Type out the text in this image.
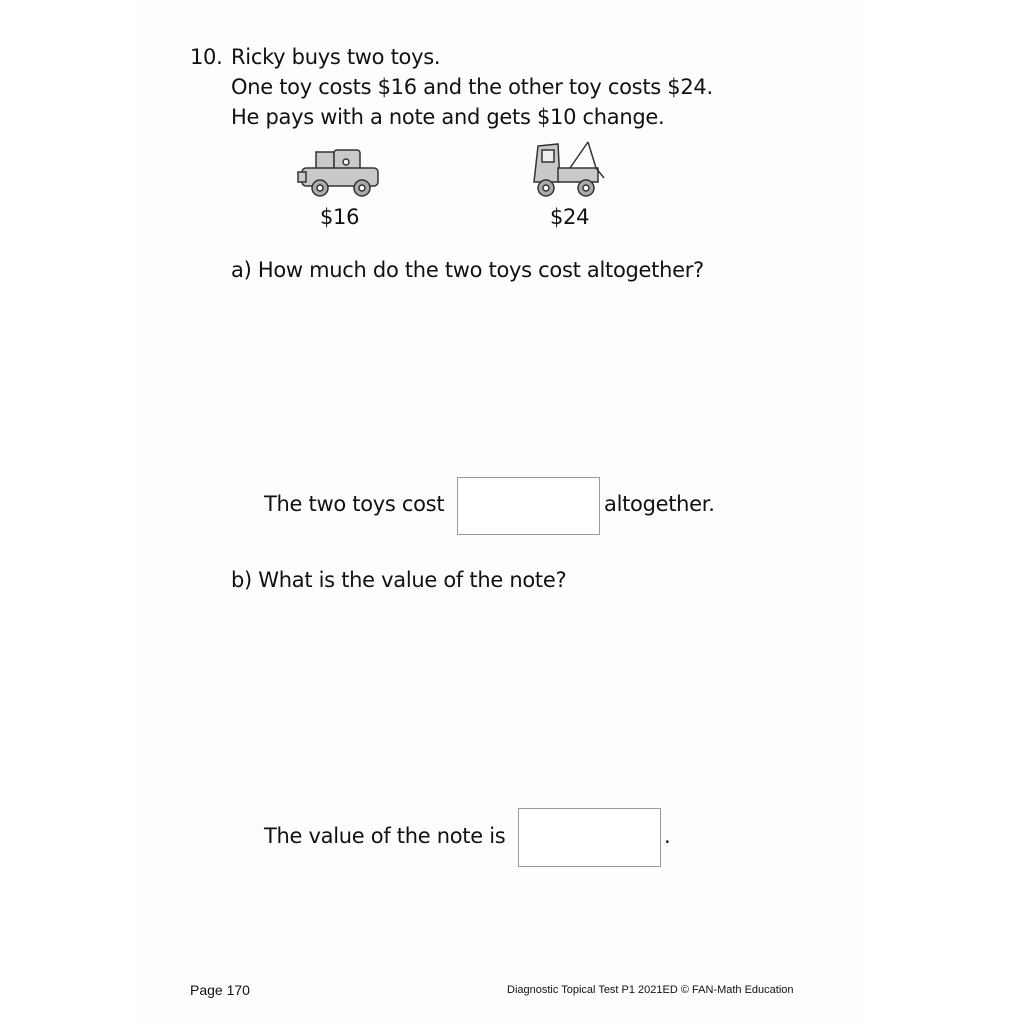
10. Ricky buys two toys.
One toy costs $16 and the other toy costs $24.
He pays with a note and gets $10 change.
$16	$24
a) How much do the two toys cost altogether?
The two toys cost	altogether.
b) What is the value of the note?
The value of the note is	.
Page 170	Diagnostic Topical Test P1 2021ED © FAN-Math Education
